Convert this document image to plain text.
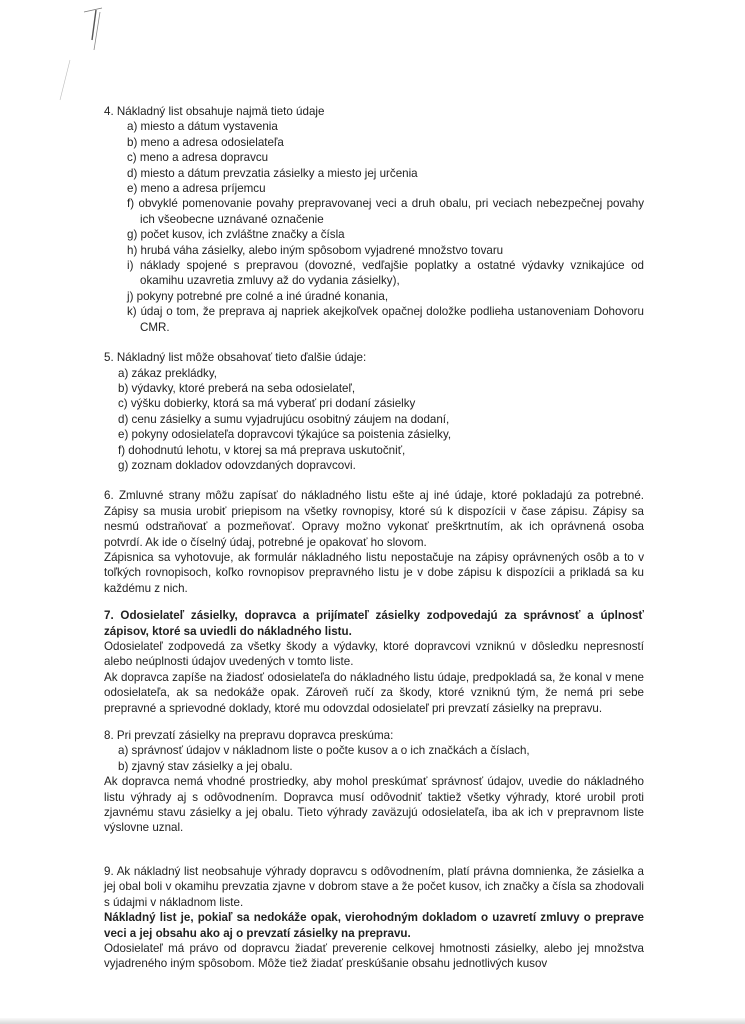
4. Nákladný list obsahuje najmä tieto údaje

a) miesto a dátum vystavenia
b) meno a adresa odosielateľa
c) meno a adresa dopravcu
d) miesto a dátum prevzatia zásielky a miesto jej určenia
e) meno a adresa príjemcu
f) obvyklé pomenovanie povahy prepravovanej veci a druh obalu, pri veciach nebezpečnej povahy ich všeobecne uznávané označenie
g) počet kusov, ich zvláštne značky a čísla
h) hrubá váha zásielky, alebo iným spôsobom vyjadrené množstvo tovaru
i) náklady spojené s prepravou (dovozné, vedľajšie poplatky a ostatné výdavky vznikajúce od okamihu uzavretia zmluvy až do vydania zásielky),
j) pokyny potrebné pre colné a iné úradné konania,
k) údaj o tom, že preprava aj napriek akejkoľvek opačnej doložke podlieha ustanoveniam Dohovoru CMR.

5. Nákladný list môže obsahovať tieto ďalšie údaje:

a) zákaz prekládky,
b) výdavky, ktoré preberá na seba odosielateľ,
c) výšku dobierky, ktorá sa má vyberať pri dodaní zásielky
d) cenu zásielky a sumu vyjadrujúcu osobitný záujem na dodaní,
e) pokyny odosielateľa dopravcovi týkajúce sa poistenia zásielky,
f) dohodnutú lehotu, v ktorej sa má preprava uskutočniť,
g) zoznam dokladov odovzdaných dopravcovi.

6. Zmluvné strany môžu zapísať do nákladného listu ešte aj iné údaje, ktoré pokladajú za potrebné. Zápisy sa musia urobiť priepisom na všetky rovnopisy, ktoré sú k dispozícii v čase zápisu. Zápisy sa nesmú odstraňovať a pozmeňovať. Opravy možno vykonať preškrtnutím, ak ich oprávnená osoba potvrdí. Ak ide o číselný údaj, potrebné je opakovať ho slovom.

Zápisnica sa vyhotovuje, ak formulár nákladného listu nepostačuje na zápisy oprávnených osôb a to v toľkých rovnopisoch, koľko rovnopisov prepravného listu je v dobe zápisu k dispozícii a prikladá sa ku každému z nich.

7. Odosielateľ zásielky, dopravca a prijímateľ zásielky zodpovedajú za správnosť a úplnosť zápisov, ktoré sa uviedli do nákladného listu.

Odosielateľ zodpovedá za všetky škody a výdavky, ktoré dopravcovi vzniknú v dôsledku nepresností alebo neúplnosti údajov uvedených v tomto liste.

Ak dopravca zapíše na žiadosť odosielateľa do nákladného listu údaje, predpokladá sa, že konal v mene odosielateľa, ak sa nedokáže opak. Zároveň ručí za škody, ktoré vzniknú tým, že nemá pri sebe prepravné a sprievodné doklady, ktoré mu odovzdal odosielateľ pri prevzatí zásielky na prepravu.

8. Pri prevzatí zásielky na prepravu dopravca preskúma:

a) správnosť údajov v nákladnom liste o počte kusov a o ich značkách a číslach,
b) zjavný stav zásielky a jej obalu.

Ak dopravca nemá vhodné prostriedky, aby mohol preskúmať správnosť údajov, uvedie do nákladného listu výhrady aj s odôvodnením. Dopravca musí odôvodniť taktiež všetky výhrady, ktoré urobil proti zjavnému stavu zásielky a jej obalu. Tieto výhrady zaväzujú odosielateľa, iba ak ich v prepravnom liste výslovne uznal.

9. Ak nákladný list neobsahuje výhrady dopravcu s odôvodnením, platí právna domnienka, že zásielka a jej obal boli v okamihu prevzatia zjavne v dobrom stave a že počet kusov, ich značky a čísla sa zhodovali s údajmi v nákladnom liste.

Nákladný list je, pokiaľ sa nedokáže opak, vierohodným dokladom o uzavretí zmluvy o preprave veci a jej obsahu ako aj o prevzatí zásielky na prepravu.

Odosielateľ má právo od dopravcu žiadať preverenie celkovej hmotnosti zásielky, alebo jej množstva vyjadreného iným spôsobom. Môže tiež žiadať preskúšanie obsahu jednotlivých kusov
